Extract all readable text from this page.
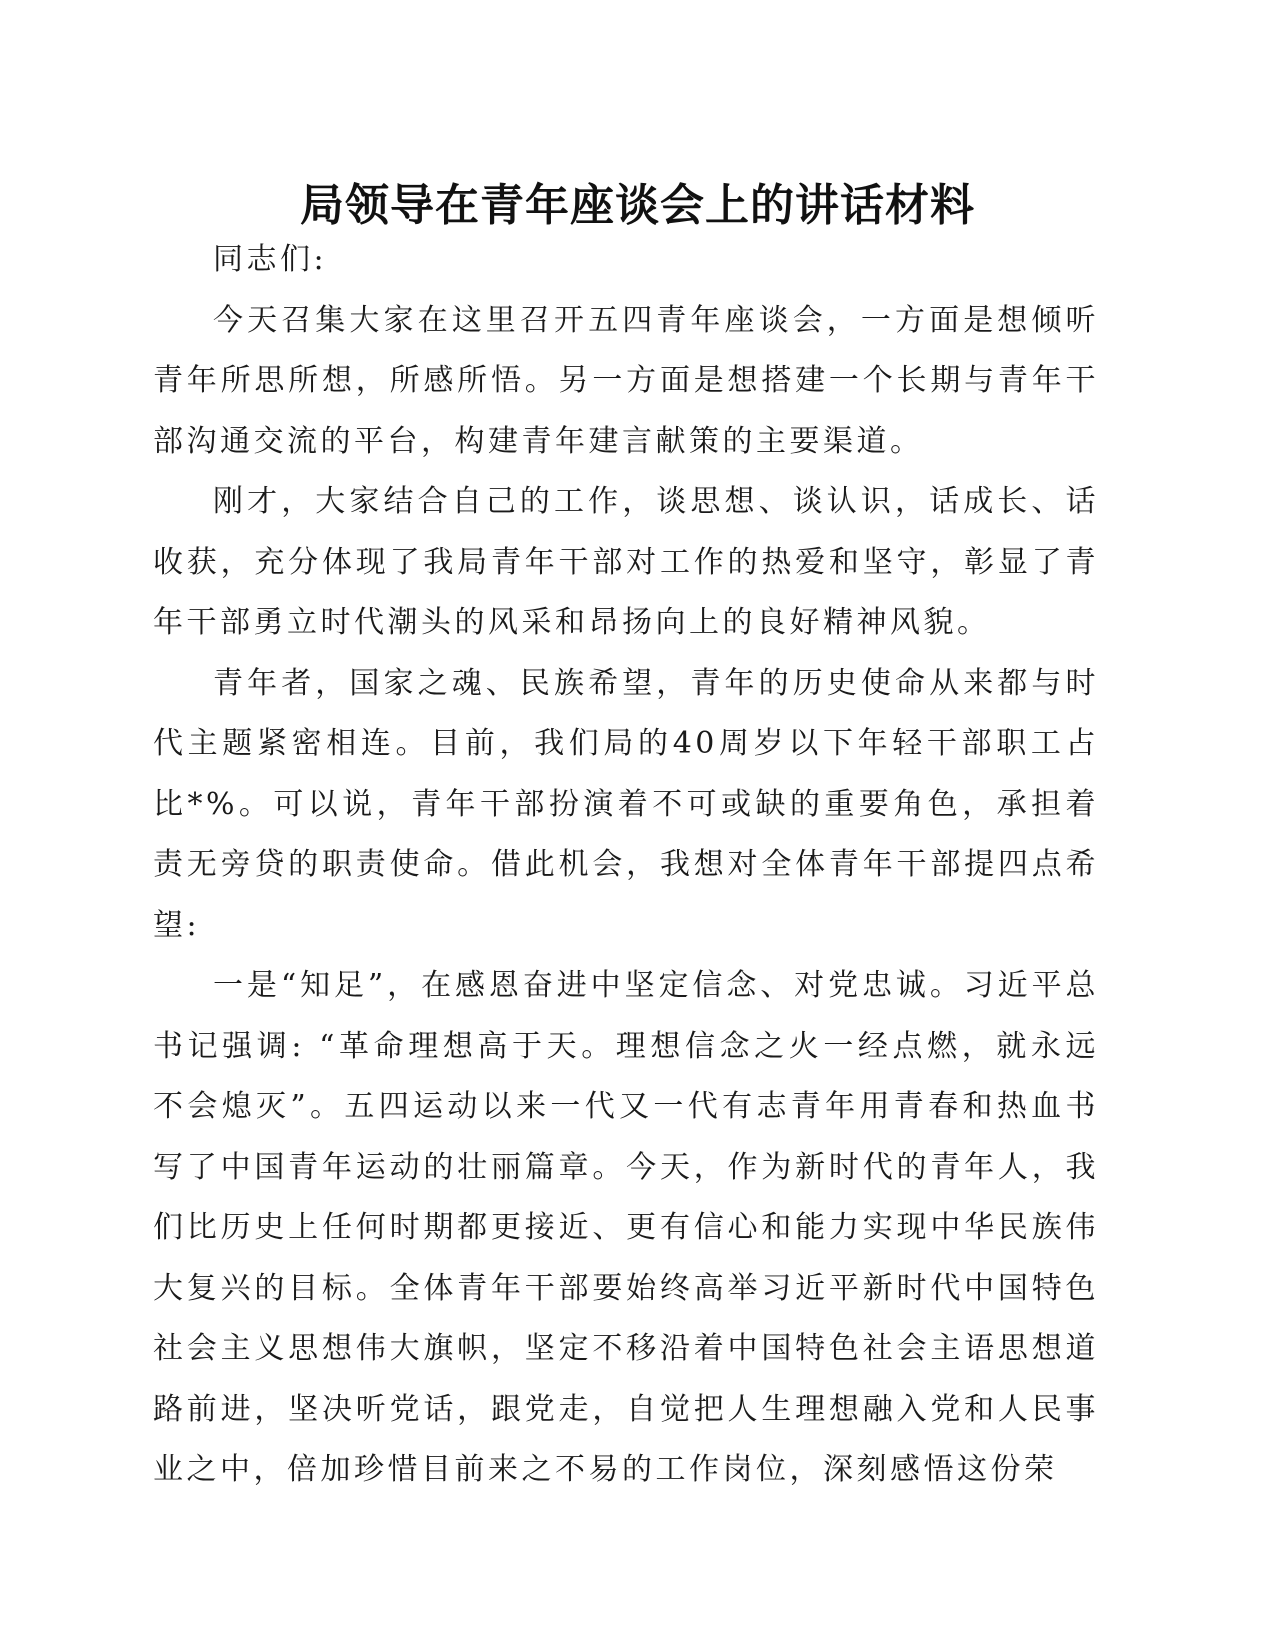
局领导在青年座谈会上的讲话材料

同志们:

今天召集大家在这里召开五四青年座谈会，一方面是想倾听青年所思所想，所感所悟。另一方面是想搭建一个长期与青年干部沟通交流的平台，构建青年建言献策的主要渠道。

刚才，大家结合自己的工作，谈思想、谈认识，话成长、话收获，充分体现了我局青年干部对工作的热爱和坚守，彰显了青年干部勇立时代潮头的风采和昂扬向上的良好精神风貌。

青年者，国家之魂、民族希望，青年的历史使命从来都与时代主题紧密相连。目前，我们局的40周岁以下年轻干部职工占比*%。可以说，青年干部扮演着不可或缺的重要角色，承担着责无旁贷的职责使命。借此机会，我想对全体青年干部提四点希望:

一是“知足”，在感恩奋进中坚定信念、对党忠诚。习近平总书记强调: “革命理想高于天。理想信念之火一经点燃，就永远不会熄灭”。五四运动以来一代又一代有志青年用青春和热血书写了中国青年运动的壮丽篇章。今天，作为新时代的青年人，我们比历史上任何时期都更接近、更有信心和能力实现中华民族伟大复兴的目标。全体青年干部要始终高举习近平新时代中国特色社会主义思想伟大旗帜，坚定不移沿着中国特色社会主语思想道路前进，坚决听党话，跟党走，自觉把人生理想融入党和人民事业之中，倍加珍惜目前来之不易的工作岗位，深刻感悟这份荣
